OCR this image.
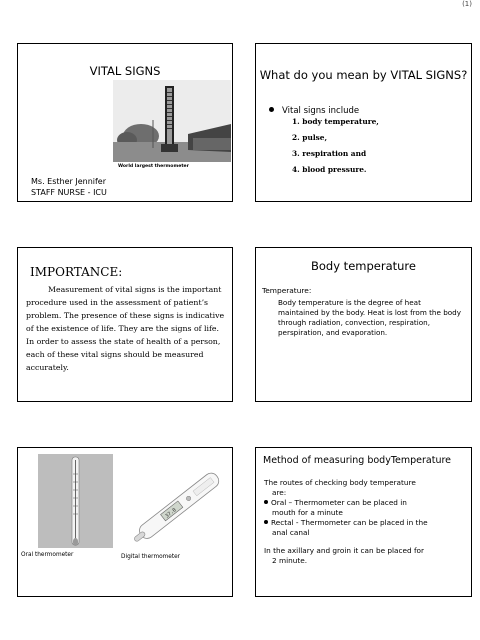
(1)
VITAL SIGNS
World largest thermometer
Ms. Esther Jennifer
STAFF NURSE - ICU
What do you mean by VITAL SIGNS?
Vital signs include
1. body temperature,
2. pulse,
3. respiration and
4. blood pressure.
IMPORTANCE:
Measurement of vital signs is the important procedure used in the assessment of patient’s problem. The presence of these signs is indicative of the existence of life. They are the signs of life. In order to assess the state of health of a person, each of these vital signs should be measured accurately.
Body temperature
Temperature:
Body temperature is the degree of heat maintained by the body. Heat is lost from the body through radiation, convection, respiration, perspiration, and evaporation.
37.0
Oral thermometer	Digital thermometer
Method of measuring bodyTemperature

The routes of checking body temperature

are:

Oral – Thermometer can be placed in

mouth for a minute

Rectal - Thermometer can be placed in the

anal canal

In the axillary and groin it can be placed for

2 minute.
